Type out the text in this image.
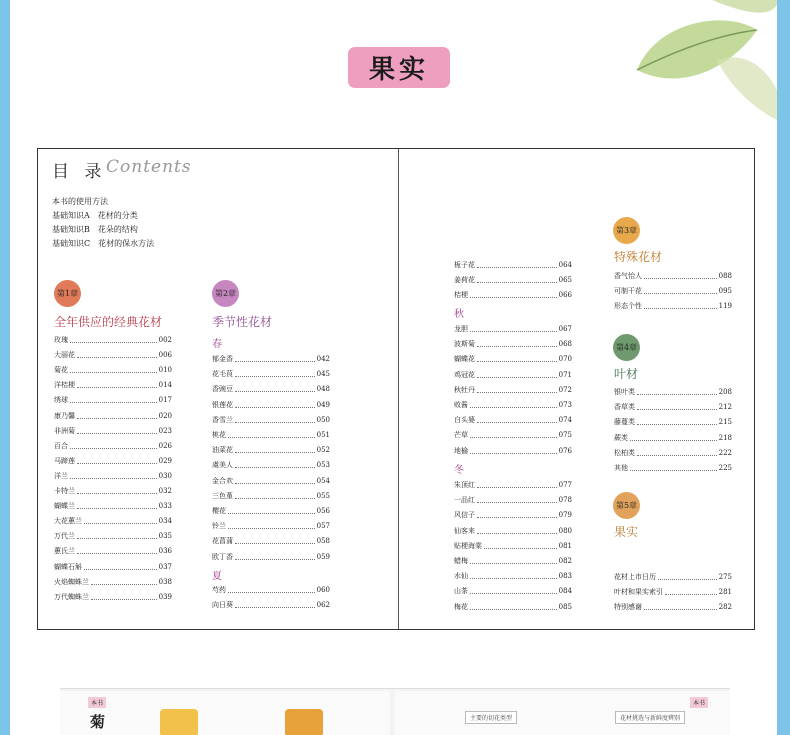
果实
目 录 Contents
本书的使用方法
基础知识A　花材的分类
基础知识B　花朵的结构
基础知识C　花材的保水方法
第1章
全年供应的经典花材
玫瑰	002
大丽花	006
菊花	010
洋桔梗	014
绣球	017
康乃馨	020
非洲菊	023
百合	026
马蹄莲	029
洋兰	030
卡特兰	032
蝴蝶兰	033
大花蕙兰	034
万代兰	035
蕙氏兰	036
蝴蝶石斛	037
火焰蜘蛛兰	038
万代蜘蛛兰	039
第2章
季节性花材
春
郁金香	042
花毛茛	045
香豌豆	048
银莲花	049
香雪兰	050
桃花	051
油菜花	052
虞美人	053
金合欢	054
三色堇	055
樱花	056
铃兰	057
花菖蒲	058
欧丁香	059
夏
芍药	060
向日葵	062
栀子花	064
姜荷花	065
桔梗	066
秋
龙胆	067
波斯菊	068
蝴蝶花	070
鸡冠花	071
秋牡丹	072
败酱	073
白头婆	074
芒草	075
地榆	076
冬
朱顶红	077
一品红	078
风信子	079
仙客来	080
贴梗海棠	081
蜡梅	082
水仙	083
山茶	084
梅花	085
第3章
特殊花材
香气怡人	088
可制干花	095
形态个性	119
第4章
叶材
银叶类	208
香草类	212
藤蔓类	215
蕨类	218
松柏类	222
其他	225
第5章
果实
花材上市日历	275
叶材和果实索引	281
特别感谢	282
本书
菊
本书
主要的切花类型	花材挑选与新鲜度辨别
